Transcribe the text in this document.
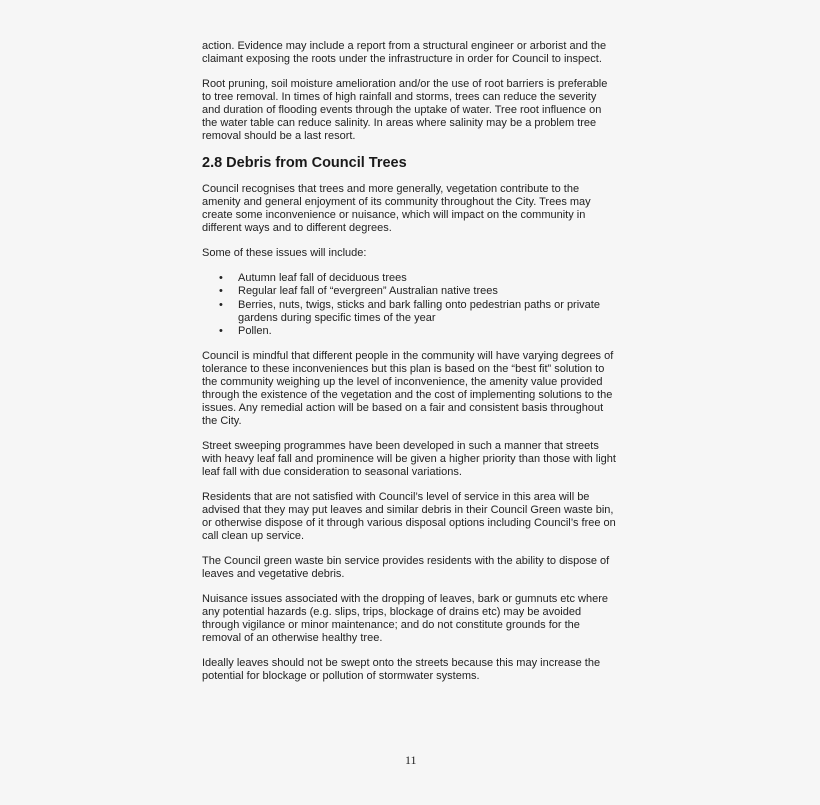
action. Evidence may include a report from a structural engineer or arborist and the
claimant exposing the roots under the infrastructure in order for Council to inspect.

Root pruning, soil moisture amelioration and/or the use of root barriers is preferable
to tree removal. In times of high rainfall and storms, trees can reduce the severity
and duration of flooding events through the uptake of water. Tree root influence on
the water table can reduce salinity. In areas where salinity may be a problem tree
removal should be a last resort.

2.8 Debris from Council Trees

Council recognises that trees and more generally, vegetation contribute to the
amenity and general enjoyment of its community throughout the City. Trees may
create some inconvenience or nuisance, which will impact on the community in
different ways and to different degrees.

Some of these issues will include:

• Autumn leaf fall of deciduous trees
• Regular leaf fall of “evergreen” Australian native trees
• Berries, nuts, twigs, sticks and bark falling onto pedestrian paths or private
gardens during specific times of the year
• Pollen.

Council is mindful that different people in the community will have varying degrees of
tolerance to these inconveniences but this plan is based on the “best fit” solution to
the community weighing up the level of inconvenience, the amenity value provided
through the existence of the vegetation and the cost of implementing solutions to the
issues. Any remedial action will be based on a fair and consistent basis throughout
the City.

Street sweeping programmes have been developed in such a manner that streets
with heavy leaf fall and prominence will be given a higher priority than those with light
leaf fall with due consideration to seasonal variations.

Residents that are not satisfied with Council’s level of service in this area will be
advised that they may put leaves and similar debris in their Council Green waste bin,
or otherwise dispose of it through various disposal options including Council’s free on
call clean up service.

The Council green waste bin service provides residents with the ability to dispose of
leaves and vegetative debris.

Nuisance issues associated with the dropping of leaves, bark or gumnuts etc where
any potential hazards (e.g. slips, trips, blockage of drains etc) may be avoided
through vigilance or minor maintenance; and do not constitute grounds for the
removal of an otherwise healthy tree.

Ideally leaves should not be swept onto the streets because this may increase the
potential for blockage or pollution of stormwater systems.

11
